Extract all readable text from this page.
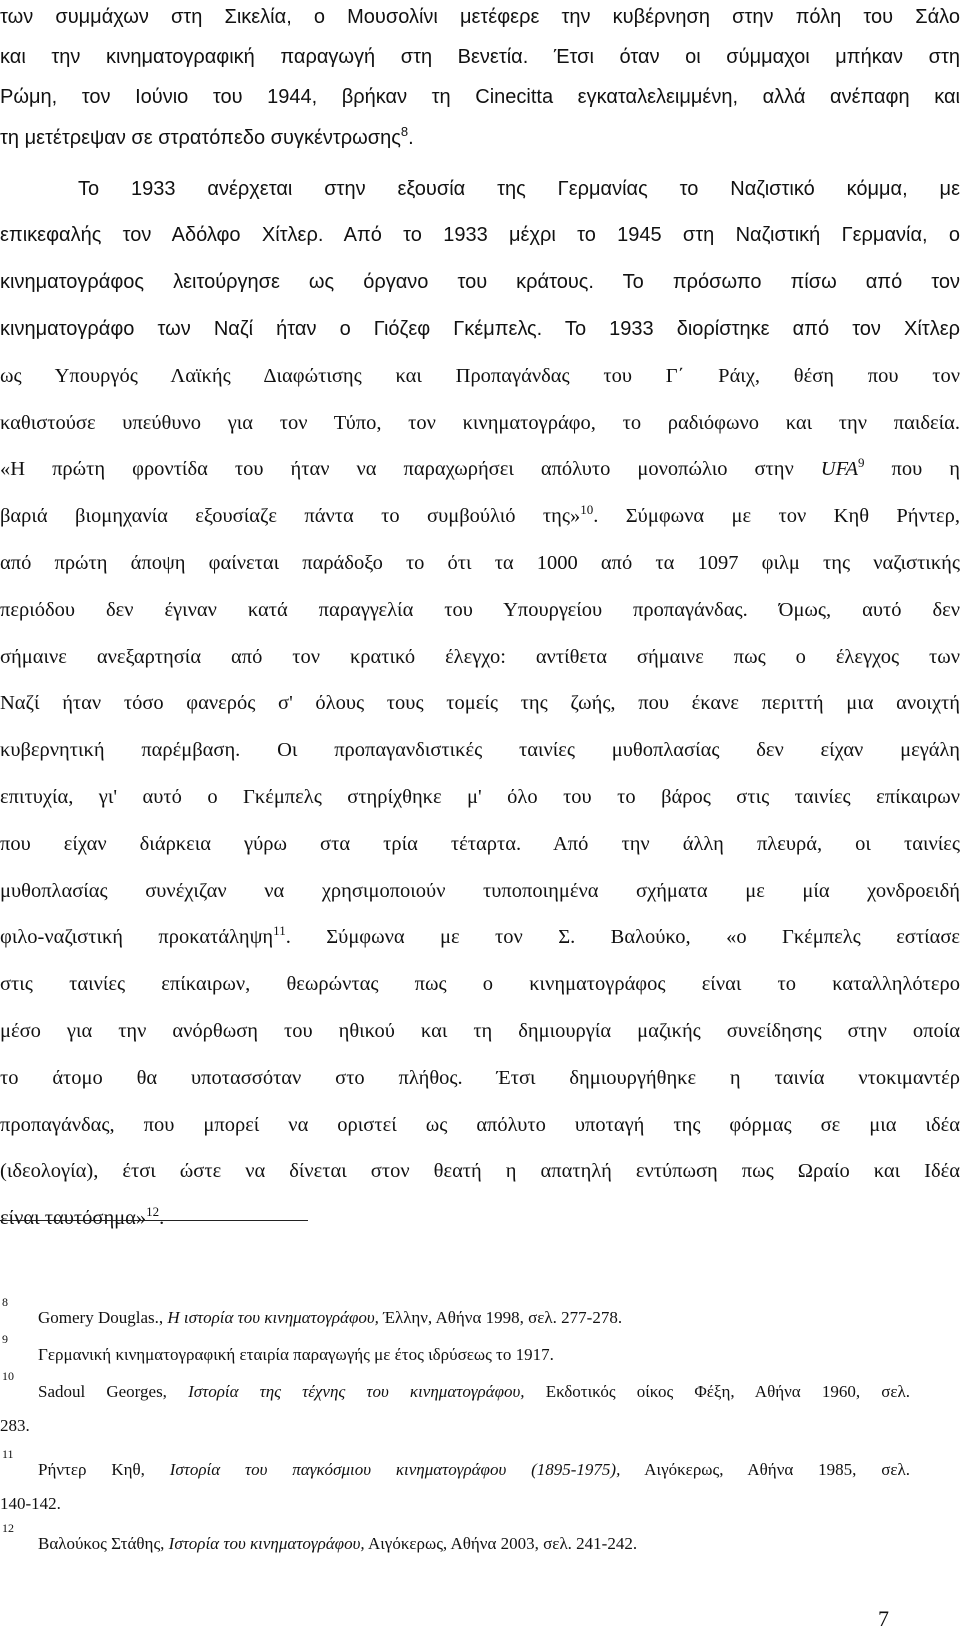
των συμμάχων στη Σικελία, ο Μουσολίνι μετέφερε την κυβέρνηση στην πόλη του Σάλο
και την κινηματογραφική παραγωγή στη Βενετία. Έτσι όταν οι σύμμαχοι μπήκαν στη
Ρώμη, τον Ιούνιο του 1944, βρήκαν τη Cinecitta εγκαταλελειμμένη, αλλά ανέπαφη και
τη μετέτρεψαν σε στρατόπεδο συγκέντρωσης$^8$.
Το 1933 ανέρχεται στην εξουσία της Γερμανίας το Ναζιστικό κόμμα, με
επικεφαλής τον Αδόλφο Χίτλερ. Από το 1933 μέχρι το 1945 στη Ναζιστική Γερμανία, ο
κινηματογράφος λειτούργησε ως όργανο του κράτους. Το πρόσωπο πίσω από τον
κινηματογράφο των Ναζί ήταν ο Γιόζεφ Γκέμπελς. Το 1933 διορίστηκε από τον Χίτλερ
ως Υπουργός Λαϊκής Διαφώτισης και Προπαγάνδας του Γ΄ Ράιχ, θέση που τον
καθιστούσε υπεύθυνο για τον Τύπο, τον κινηματογράφο, το ραδιόφωνο και την παιδεία.
«Η πρώτη φροντίδα του ήταν να παραχωρήσει απόλυτο μονοπώλιο στην UFA$^9$ που η
βαριά βιομηχανία εξουσίαζε πάντα το συμβούλιό της»$^{10}$. Σύμφωνα με τον Κηθ Ρήντερ,
από πρώτη άποψη φαίνεται παράδοξο το ότι τα 1000 από τα 1097 φιλμ της ναζιστικής
περιόδου δεν έγιναν κατά παραγγελία του Υπουργείου προπαγάνδας. Όμως, αυτό δεν
σήμαινε ανεξαρτησία από τον κρατικό έλεγχο: αντίθετα σήμαινε πως ο έλεγχος των
Ναζί ήταν τόσο φανερός σ' όλους τους τομείς της ζωής, που έκανε περιττή μια ανοιχτή
κυβερνητική παρέμβαση. Οι προπαγανδιστικές ταινίες μυθοπλασίας δεν είχαν μεγάλη
επιτυχία, γι' αυτό ο Γκέμπελς στηρίχθηκε μ' όλο του το βάρος στις ταινίες επίκαιρων
που είχαν διάρκεια γύρω στα τρία τέταρτα. Από την άλλη πλευρά, οι ταινίες
μυθοπλασίας συνέχιζαν να χρησιμοποιούν τυποποιημένα σχήματα με μία χονδροειδή
φιλο-ναζιστική προκατάληψη$^{11}$. Σύμφωνα με τον Σ. Βαλούκο, «ο Γκέμπελς εστίασε
στις ταινίες επίκαιρων, θεωρώντας πως ο κινηματογράφος είναι το καταλληλότερο
μέσο για την ανόρθωση του ηθικού και τη δημιουργία μαζικής συνείδησης στην οποία
το άτομο θα υποτασσόταν στο πλήθος. Έτσι δημιουργήθηκε η ταινία ντοκιμαντέρ
προπαγάνδας, που μπορεί να οριστεί ως απόλυτο υποταγή της φόρμας σε μια ιδέα
(ιδεολογία), έτσι ώστε να δίνεται στον θεατή η απατηλή εντύπωση πως Ωραίο και Ιδέα
είναι ταυτόσημα»$^{12}$.
8
Gomery Douglas., Η ιστορία του κινηματογράφου, Έλλην, Αθήνα 1998, σελ. 277-278.
9
Γερμανική κινηματογραφική εταιρία παραγωγής με έτος ιδρύσεως το 1917.
10
Sadoul Georges, Ιστορία της τέχνης του κινηματογράφου, Εκδοτικός οίκος Φέξη, Αθήνα 1960, σελ.
283.
11
Ρήντερ Κηθ, Ιστορία του παγκόσμιου κινηματογράφου (1895-1975), Αιγόκερως, Αθήνα 1985, σελ.
140-142.
12
Βαλούκος Στάθης, Ιστορία του κινηματογράφου, Αιγόκερως, Αθήνα 2003, σελ. 241-242.
7
